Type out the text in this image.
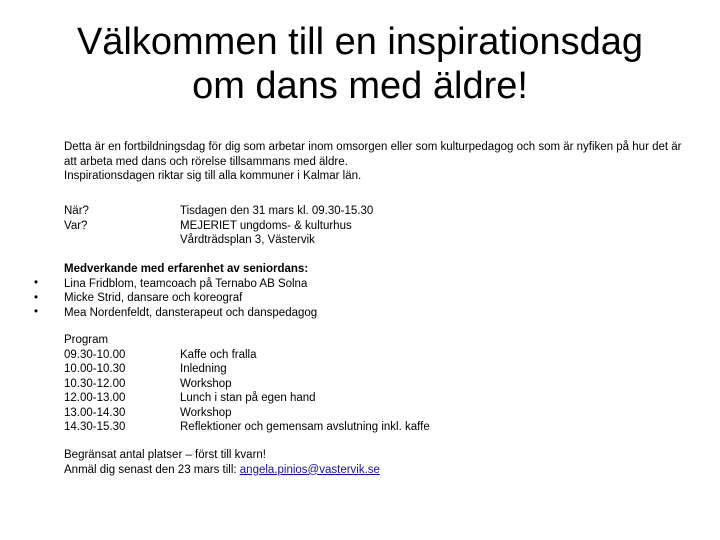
Välkommen till en inspirationsdag
om dans med äldre!

Detta är en fortbildningsdag för dig som arbetar inom omsorgen eller som kulturpedagog och som är nyfiken på hur det är att arbeta med dans och rörelse tillsammans med äldre.

Inspirationsdagen riktar sig till alla kommuner i Kalmar län.

När?	Tisdagen den 31 mars kl. 09.30-15.30
Var?	MEJERIET ungdoms- & kulturhus
Vårdträdsplan 3, Västervik
•
•
•
Medverkande med erfarenhet av seniordans:
Lina Fridblom, teamcoach på Ternabo AB Solna
Micke Strid, dansare och koreograf
Mea Nordenfeldt, dansterapeut och danspedagog
Program
09.30-10.00	Kaffe och fralla
10.00-10.30	Inledning
10.30-12.00	Workshop
12.00-13.00	Lunch i stan på egen hand
13.00-14.30	Workshop
14.30-15.30	Reflektioner och gemensam avslutning inkl. kaffe
Begränsat antal platser – först till kvarn!
Anmäl dig senast den 23 mars till: angela.pinios@vastervik.se
